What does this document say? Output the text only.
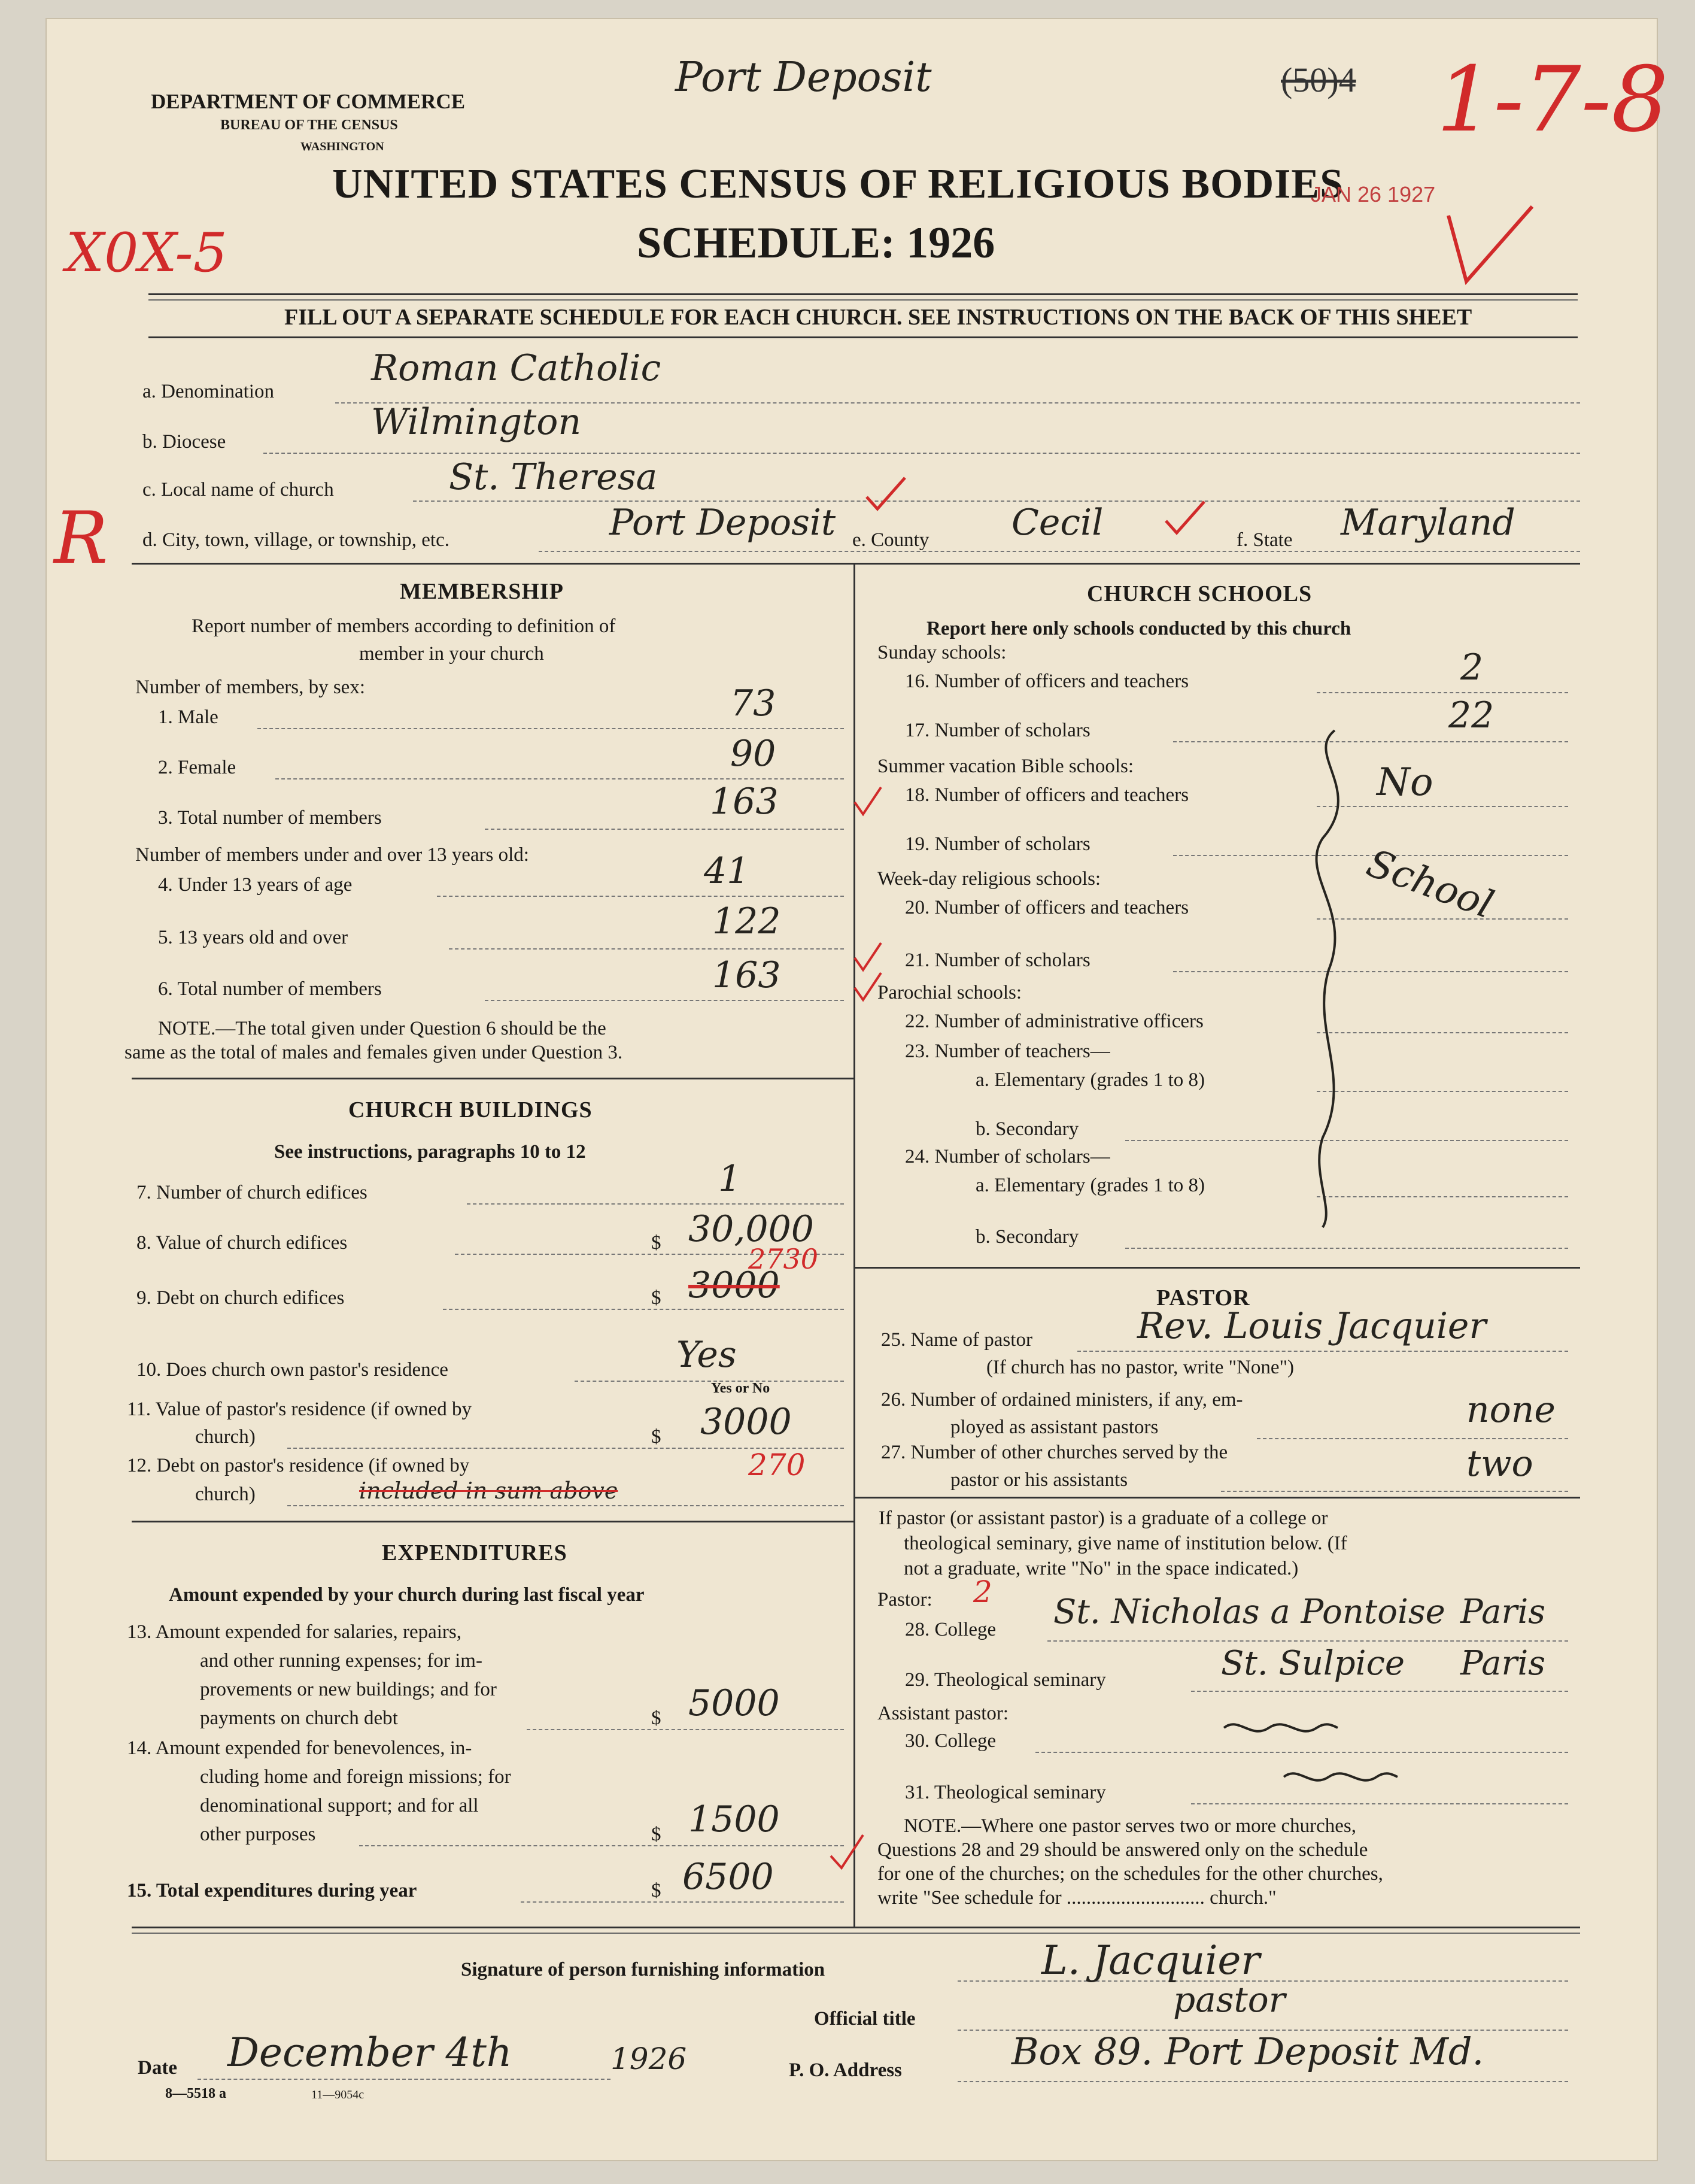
DEPARTMENT OF COMMERCE
BUREAU OF THE CENSUS
WASHINGTON
Port Deposit
UNITED STATES CENSUS OF RELIGIOUS BODIES
SCHEDULE: 1926
(50)4 1-7-8
JAN 26 1927
X0X-5
R
FILL OUT A SEPARATE SCHEDULE FOR EACH CHURCH. SEE INSTRUCTIONS ON THE BACK OF THIS SHEET
a. Denomination
Roman Catholic
b. Diocese	Wilmington
c. Local name of church	St. Theresa
d. City, town, village, or township, etc.	Port Deposit e. County Cecil	f. State Maryland
MEMBERSHIP
Report number of members according to definition of
member in your church
Number of members, by sex:
1. Male	73
2. Female	90
3. Total number of members	163
Number of members under and over 13 years old:
4. Under 13 years of age	41
5. 13 years old and over	122
6. Total number of members	163
NOTE.—The total given under Question 6 should be the
same as the total of males and females given under Question 3.
CHURCH BUILDINGS
See instructions, paragraphs 10 to 12
7. Number of church edifices	1
8. Value of church edifices	$ 30,000
9. Debt on church edifices	$ 3000
2730
10. Does church own pastor's residence	Yes
Yes or No
11. Value of pastor's residence (if owned by
church)	$ 3000
12. Debt on pastor's residence (if owned by
church)	included in sum above
270
EXPENDITURES
Amount expended by your church during last fiscal year
13. Amount expended for salaries, repairs,
and other running expenses; for im-
provements or new buildings; and for
payments on church debt	$ 5000
14. Amount expended for benevolences, in-
cluding home and foreign missions; for
denominational support; and for all
other purposes	$ 1500
15. Total expenditures during year	$ 6500
CHURCH SCHOOLS
Report here only schools conducted by this church
Sunday schools:
16. Number of officers and teachers	2
17. Number of scholars	22
Summer vacation Bible schools:
18. Number of officers and teachers
19. Number of scholars
Week-day religious schools:
20. Number of officers and teachers
21. Number of scholars
Parochial schools:
22. Number of administrative officers
23. Number of teachers—
a. Elementary (grades 1 to 8)
b. Secondary
24. Number of scholars—
a. Elementary (grades 1 to 8)
b. Secondary
No
School
PASTOR
25. Name of pastor	Rev. Louis Jacquier
(If church has no pastor, write "None")
26. Number of ordained ministers, if any, em-
ployed as assistant pastors	none
27. Number of other churches served by the
pastor or his assistants	two
If pastor (or assistant pastor) is a graduate of a college or
theological seminary, give name of institution below. (If
not a graduate, write "No" in the space indicated.)
Pastor: 2
28. College St. Nicholas a Pontoise Paris
29. Theological seminary	St. Sulpice Paris
Assistant pastor:
30. College
31. Theological seminary
NOTE.—Where one pastor serves two or more churches,
Questions 28 and 29 should be answered only on the schedule
for one of the churches; on the schedules for the other churches,
write "See schedule for ............................ church."
Signature of person furnishing information	L. Jacquier
Official title	pastor
Date December 4th	1926	P. O. Address	Box 89. Port Deposit Md.
8—5518 a	11—9054c
